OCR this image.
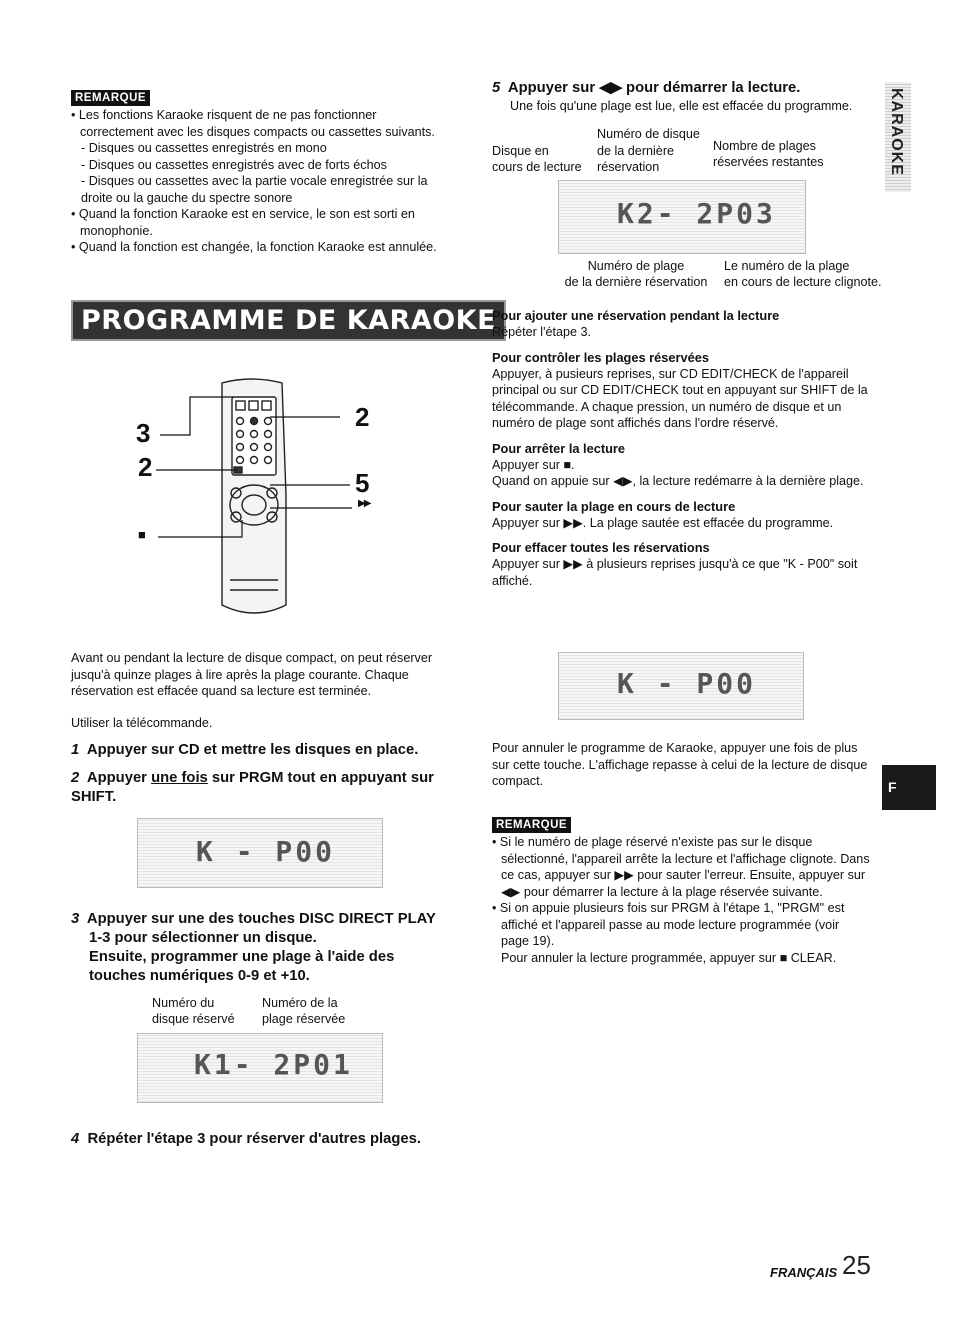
REMARQUE
• Les fonctions Karaoke risquent de ne pas fonctionner correctement avec les disques compacts ou cassettes suivants.
- Disques ou cassettes enregistrés en mono
- Disques ou cassettes enregistrés avec de forts échos
- Disques ou cassettes avec la partie vocale enregistrée sur la droite ou la gauche du spectre sonore
• Quand la fonction Karaoke est en service, le son est sorti en monophonie.
• Quand la fonction est changée, la fonction Karaoke est annulée.
PROGRAMME DE KARAOKE
3
2
2
5
■
▶▶
Avant ou pendant la lecture de disque compact, on peut réserver jusqu'à quinze plages à lire après la plage courante. Chaque réservation est effacée quand sa lecture est terminée.
Utiliser la télécommande.
1 Appuyer sur CD et mettre les disques en place.
2 Appuyer une fois sur PRGM tout en appuyant sur SHIFT.
K - P00
3 Appuyer sur une des touches DISC DIRECT PLAY 1-3 pour sélectionner un disque.
Ensuite, programmer une plage à l'aide des touches numériques 0-9 et +10.
Numéro du
disque réservé
Numéro de la
plage réservée
K1- 2P01
4 Répéter l'étape 3 pour réserver d'autres plages.
5 Appuyer sur ◀▶ pour démarrer la lecture.
Une fois qu'une plage est lue, elle est effacée du programme.
Numéro de disque
Disque en
cours de lecture
de la dernière
réservation
Nombre de plages
réservées restantes
K2- 2P03
Numéro de plage
de la dernière réservation
Le numéro de la plage
en cours de lecture clignote.
Pour ajouter une réservation pendant la lecture
Répéter l'étape 3.
Pour contrôler les plages réservées
Appuyer, à pusieurs reprises, sur CD EDIT/CHECK de l'appareil principal ou sur CD EDIT/CHECK tout en appuyant sur SHIFT de la télécommande. A chaque pression, un numéro de disque et un numéro de plage sont affichés dans l'ordre réservé.
Pour arrêter la lecture
Appuyer sur ■.
Quand on appuie sur ◀▶, la lecture redémarre à la dernière plage.
Pour sauter la plage en cours de lecture
Appuyer sur ▶▶. La plage sautée est effacée du programme.
Pour effacer toutes les réservations
Appuyer sur ▶▶ à plusieurs reprises jusqu'à ce que "K - P00" soit affiché.
K - P00
Pour annuler le programme de Karaoke, appuyer une fois de plus sur cette touche. L'affichage repasse à celui de la lecture de disque compact.
REMARQUE
• Si le numéro de plage réservé n'existe pas sur le disque sélectionné, l'appareil arrête la lecture et l'affichage clignote. Dans ce cas, appuyer sur ▶▶ pour sauter l'erreur. Ensuite, appuyer sur ◀▶ pour démarrer la lecture à la plage réservée suivante.
• Si on appuie plusieurs fois sur PRGM à l'étape 1, "PRGM" est affiché et l'appareil passe au mode lecture programmée (voir page 19).
Pour annuler la lecture programmée, appuyer sur ■ CLEAR.
KARAOKE
F
FRANÇAIS 25
